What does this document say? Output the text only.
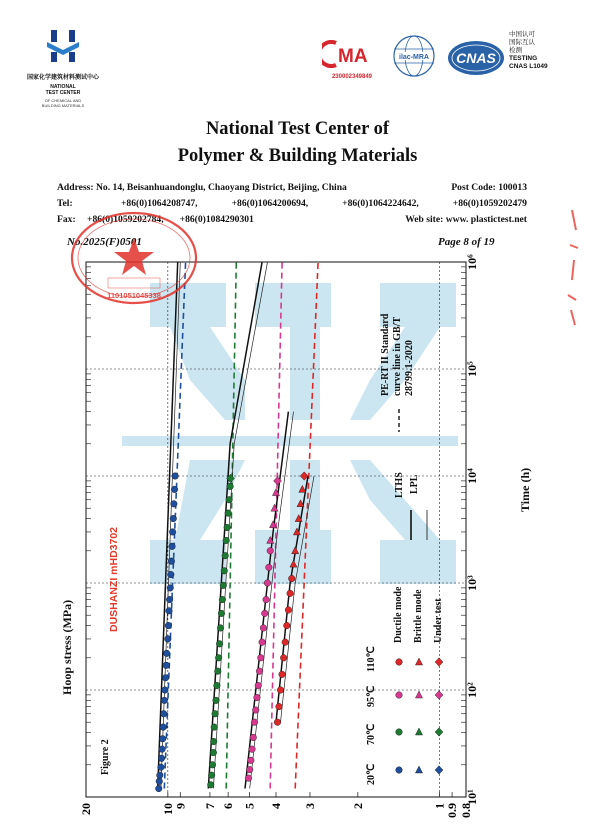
国家化学建筑材料测试中心
NATIONAL
TEST CENTER
OF CHEMICAL AND
BUILDING MATERIALS
MA
230002349849
ilac-MRA CNAS
中国认可
国际互认
检测
TESTING
CNAS L1049
National Test Center of
Polymer & Building Materials
Address: No. 14, Beisanhuandonglu, Chaoyang District, Beijing, China	Post Code: 100013
Tel:	+86(0)1064208747,	+86(0)1064200694,	+86(0)1064224642,	+86(0)1059202479
Fax: +86(0)1059202784, +86(0)1084290301	Web site: www. plastictest.net
No.2025(F)0501	Page 8 of 19
10¹
10²
10³
10⁴
10⁵
10⁶
20	10
9 7 6 5 4 3	2	1
0.9 0.8
Hoop stress (MPa)
Time (h)
Figure 2
DUSHANZI mHD3702
PE-RT II Standard curve line in GB/T 28799.1-2020
LTHS LPL
Ductile mode Brittle mode Under test
20℃
70℃
95℃
110℃
1101051045338
